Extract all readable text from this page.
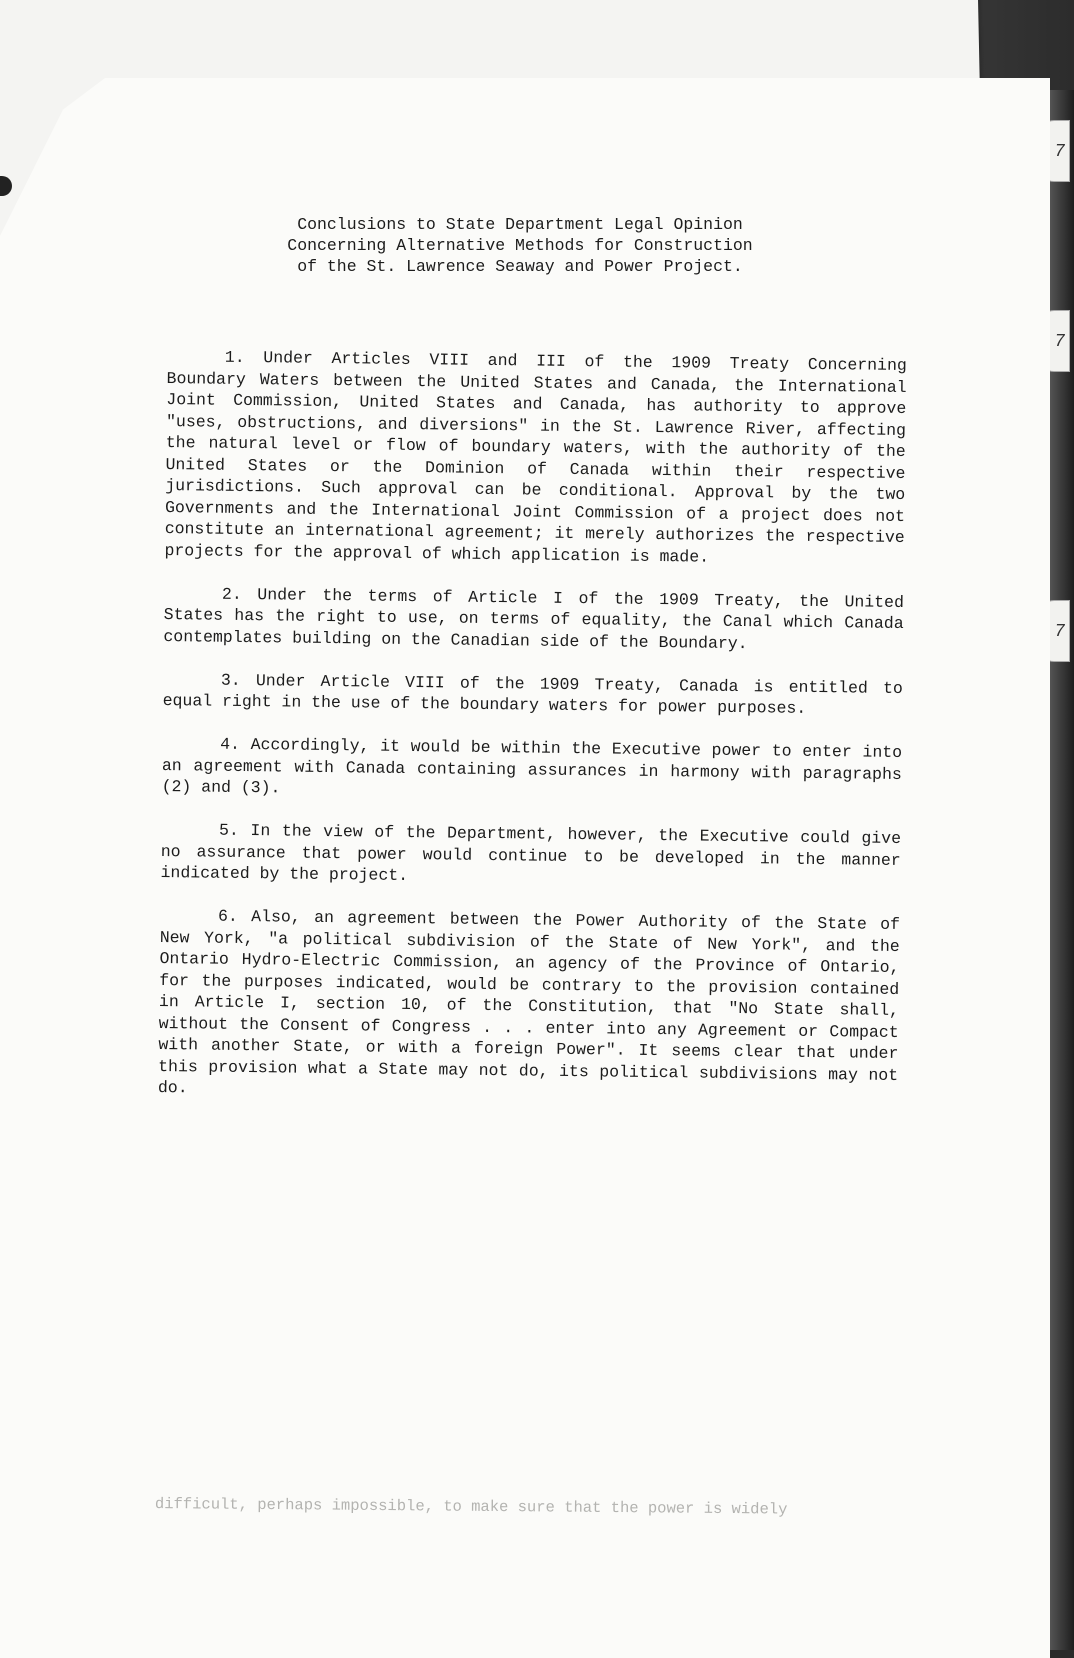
7
7
7
Conclusions to State Department Legal Opinion
Concerning Alternative Methods for Construction
of the St. Lawrence Seaway and Power Project.

1. Under Articles VIII and III of the 1909 Treaty Concerning Boundary Waters between the United States and Canada, the International Joint Commission, United States and Canada, has authority to approve "uses, obstructions, and diversions" in the St. Lawrence River, affecting the natural level or flow of boundary waters, with the authority of the United States or the Dominion of Canada within their respective jurisdictions. Such approval can be conditional. Approval by the two Governments and the International Joint Commission of a project does not constitute an international agreement; it merely authorizes the respective projects for the approval of which application is made.

2. Under the terms of Article I of the 1909 Treaty, the United States has the right to use, on terms of equality, the Canal which Canada contemplates building on the Canadian side of the Boundary.

3. Under Article VIII of the 1909 Treaty, Canada is entitled to equal right in the use of the boundary waters for power purposes.

4. Accordingly, it would be within the Executive power to enter into an agreement with Canada containing assurances in harmony with paragraphs (2) and (3).

5. In the view of the Department, however, the Executive could give no assurance that power would continue to be developed in the manner indicated by the project.

6. Also, an agreement between the Power Authority of the State of New York, "a political subdivision of the State of New York", and the Ontario Hydro-Electric Commission, an agency of the Province of Ontario, for the purposes indicated, would be contrary to the provision contained in Article I, section 10, of the Constitution, that "No State shall, without the Consent of Congress . . . enter into any Agreement or Compact with another State, or with a foreign Power". It seems clear that under this provision what a State may not do, its political subdivisions may not do.

difficult, perhaps impossible, to make sure that the power is widely
